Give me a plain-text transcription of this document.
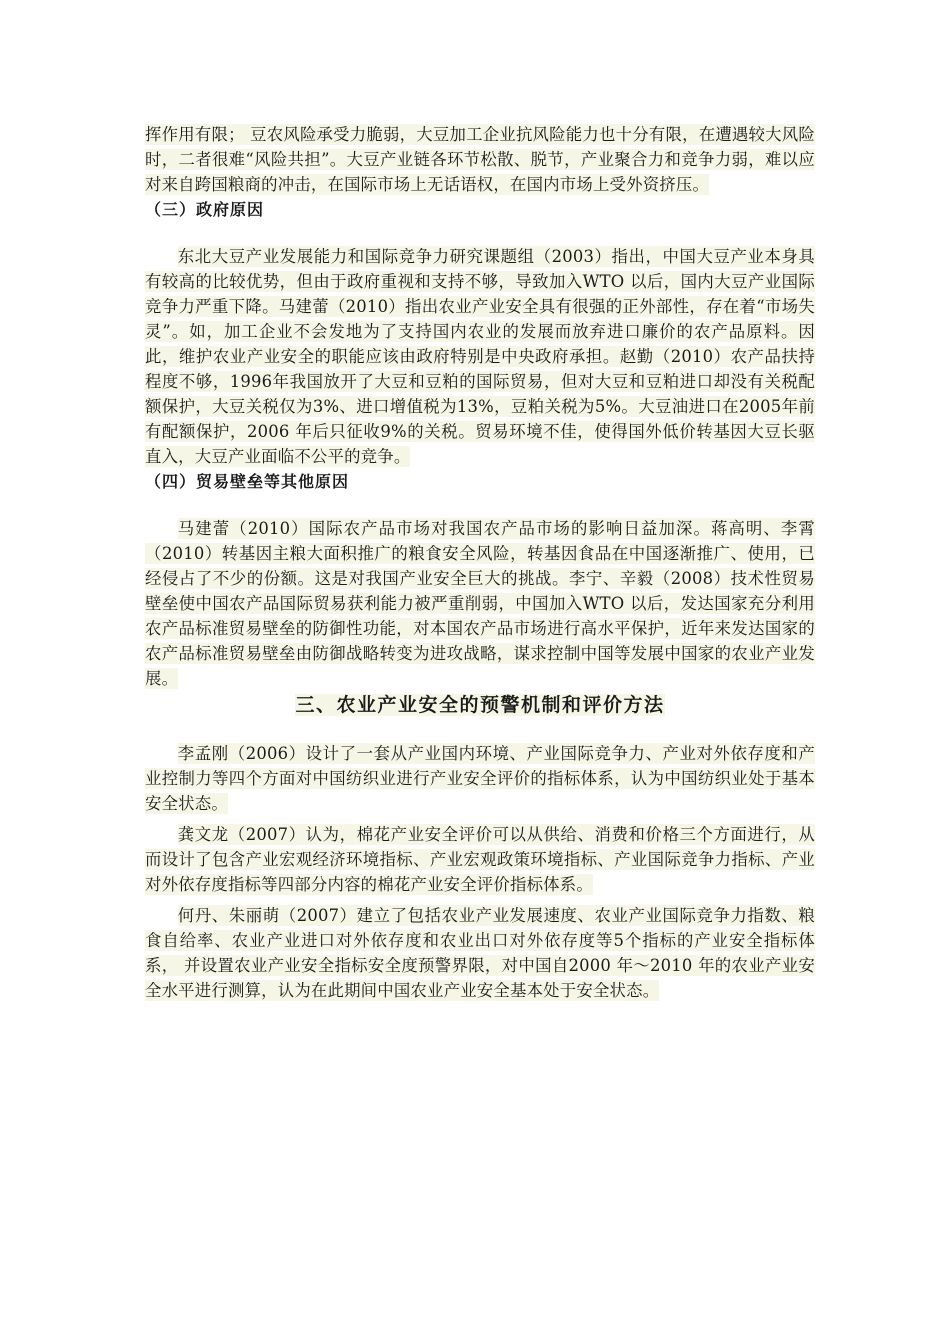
挥作用有限； 豆农风险承受力脆弱，大豆加工企业抗风险能力也十分有限，在遭遇较大风险时，二者很难“风险共担”。大豆产业链各环节松散、脱节，产业聚合力和竞争力弱，难以应对来自跨国粮商的冲击，在国际市场上无话语权，在国内市场上受外资挤压。

（三）政府原因

东北大豆产业发展能力和国际竞争力研究课题组（2003）指出，中国大豆产业本身具有较高的比较优势，但由于政府重视和支持不够，导致加入WTO 以后，国内大豆产业国际竞争力严重下降。马建蕾（2010）指出农业产业安全具有很强的正外部性，存在着“市场失灵”。如，加工企业不会发地为了支持国内农业的发展而放弃进口廉价的农产品原料。因此，维护农业产业安全的职能应该由政府特别是中央政府承担。赵勤（2010）农产品扶持程度不够，1996年我国放开了大豆和豆粕的国际贸易，但对大豆和豆粕进口却没有关税配额保护，大豆关税仅为3%、进口增值税为13%，豆粕关税为5%。大豆油进口在2005年前有配额保护，2006 年后只征收9%的关税。贸易环境不佳，使得国外低价转基因大豆长驱直入，大豆产业面临不公平的竞争。

（四）贸易壁垒等其他原因

马建蕾（2010）国际农产品市场对我国农产品市场的影响日益加深。蒋高明、李霄（2010）转基因主粮大面积推广的粮食安全风险，转基因食品在中国逐渐推广、使用，已经侵占了不少的份额。这是对我国产业安全巨大的挑战。李宁、辛毅（2008）技术性贸易壁垒使中国农产品国际贸易获利能力被严重削弱，中国加入WTO 以后，发达国家充分利用农产品标准贸易壁垒的防御性功能，对本国农产品市场进行高水平保护，近年来发达国家的农产品标准贸易壁垒由防御战略转变为进攻战略，谋求控制中国等发展中国家的农业产业发展。

三、农业产业安全的预警机制和评价方法

李孟刚（2006）设计了一套从产业国内环境、产业国际竞争力、产业对外依存度和产业控制力等四个方面对中国纺织业进行产业安全评价的指标体系，认为中国纺织业处于基本安全状态。

龚文龙（2007）认为，棉花产业安全评价可以从供给、消费和价格三个方面进行，从而设计了包含产业宏观经济环境指标、产业宏观政策环境指标、产业国际竞争力指标、产业对外依存度指标等四部分内容的棉花产业安全评价指标体系。

何丹、朱丽萌（2007）建立了包括农业产业发展速度、农业产业国际竞争力指数、粮食自给率、农业产业进口对外依存度和农业出口对外依存度等5个指标的产业安全指标体系， 并设置农业产业安全指标安全度预警界限，对中国自2000 年～2010 年的农业产业安全水平进行测算，认为在此期间中国农业产业安全基本处于安全状态。
